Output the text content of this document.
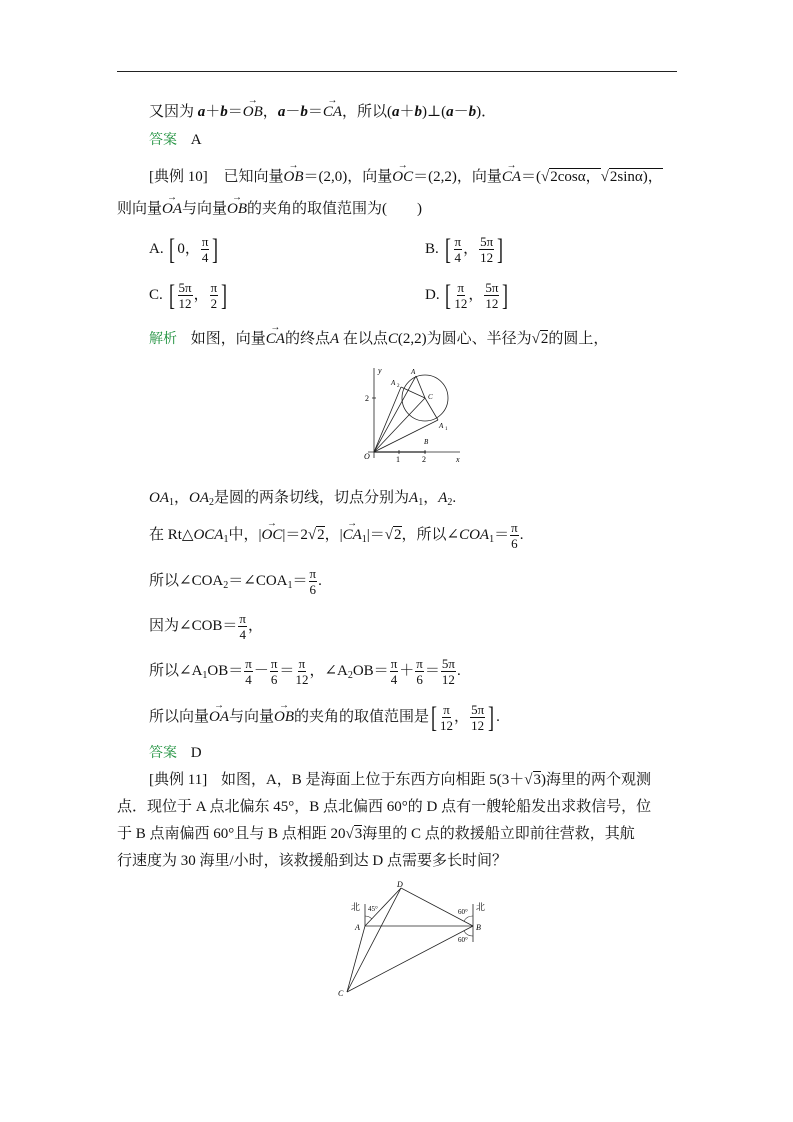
又因为 a＋b＝→ OB，a－b＝→ CA，所以(a＋b)⊥(a－b)．
答案 A
[典例 10] 已知向量→ OB＝(2,0)，向量→ OC＝(2,2)，向量→ CA＝(√2cosα，√2sinα)，
则向量→ OA与向量→ OB的夹角的取值范围为(　　)
A. [ 0， $\frac{\pi}{4}$ ]	B. [ $\frac{\pi}{4}$ ， $\frac{5\pi}{12}$ ]
C. [ $\frac{5\pi}{12}$ ， $\frac{\pi}{2}$ ]	D. [ $\frac{\pi}{12}$ ， $\frac{5\pi}{12}$ ]
解析 如图，向量→ CA的终点A 在以点C(2,2)为圆心、半径为√2的圆上，
y
x
O	1	2
2
A
A 2
C
A 1
B
$OA_1$，$OA_2$是圆的两条切线，切点分别为$A_1$，$A_2$.
在 $Rt\triangle OCA_1$中，|→ OC|＝2√2，|→ $CA_1|=√2$，所以$\angle COA_1= \frac{\pi}{6}$ .
所以$\angle COA_2=\angle COA_1= \frac{\pi}{6}$ .
因为∠COB＝ $\frac{\pi}{4}$ ，
所以$\angle A_1OB= \frac{\pi}{4} - \frac{\pi}{6} = \frac{\pi}{12}$ ，$\angle A_2OB= \frac{\pi}{4} + \frac{\pi}{6} = \frac{5\pi}{12}$ .
所以向量→ OA与向量→ OB的夹角的取值范围是[ $\frac{\pi}{12}$ ， $\frac{5\pi}{12}$ ] .
答案 D
[典例 11] 如图，A，B 是海面上位于东西方向相距 5(3＋√3)海里的两个观测
点．现位于 A 点北偏东 45°，B 点北偏西 60°的 D 点有一艘轮船发出求救信号，位
于 B 点南偏西 60°且与 B 点相距 20√3海里的 C 点的救援船立即前往营救，其航
行速度为 30 海里/小时，该救援船到达 D 点需要多长时间？
北	北
45°	60°
60°
A	B
C
D
